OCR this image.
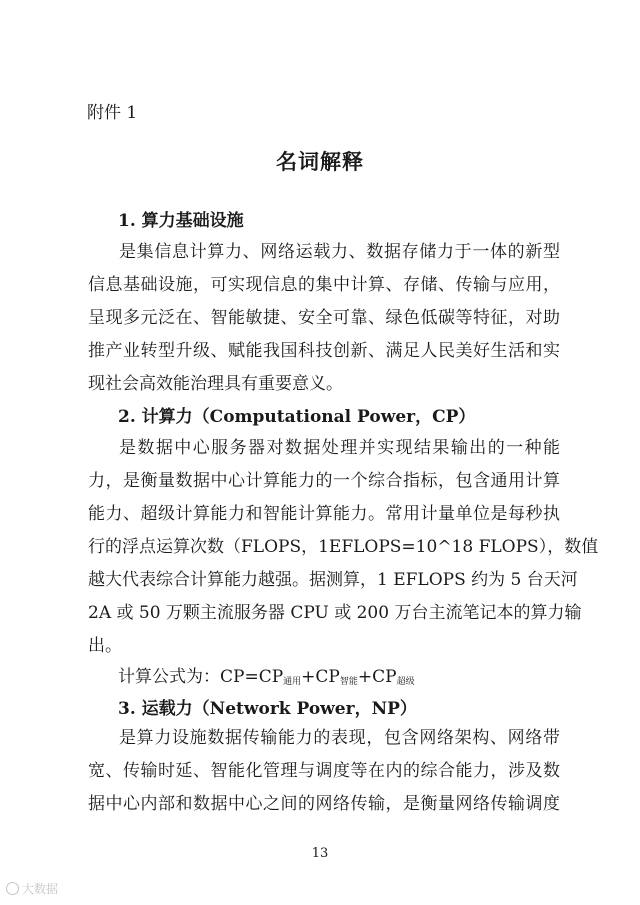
附件 1
名词解释
1. 算力基础设施
是集信息计算力、网络运载力、数据存储力于一体的新型
信息基础设施，可实现信息的集中计算、存储、传输与应用，
呈现多元泛在、智能敏捷、安全可靠、绿色低碳等特征，对助
推产业转型升级、赋能我国科技创新、满足人民美好生活和实
现社会高效能治理具有重要意义。
2. 计算力（Computational Power，CP）
是数据中心服务器对数据处理并实现结果输出的一种能
力，是衡量数据中心计算能力的一个综合指标，包含通用计算
能力、超级计算能力和智能计算能力。常用计量单位是每秒执
行的浮点运算次数（FLOPS，1EFLOPS=10^18 FLOPS），数值
越大代表综合计算能力越强。据测算，1 EFLOPS 约为 5 台天河
2A 或 50 万颗主流服务器 CPU 或 200 万台主流笔记本的算力输
出。
计算公式为：$CP=CP_{通用}+CP_{智能}+CP_{超级}$
3. 运载力（Network Power，NP）
是算力设施数据传输能力的表现，包含网络架构、网络带
宽、传输时延、智能化管理与调度等在内的综合能力，涉及数
据中心内部和数据中心之间的网络传输，是衡量网络传输调度
13
大数据
